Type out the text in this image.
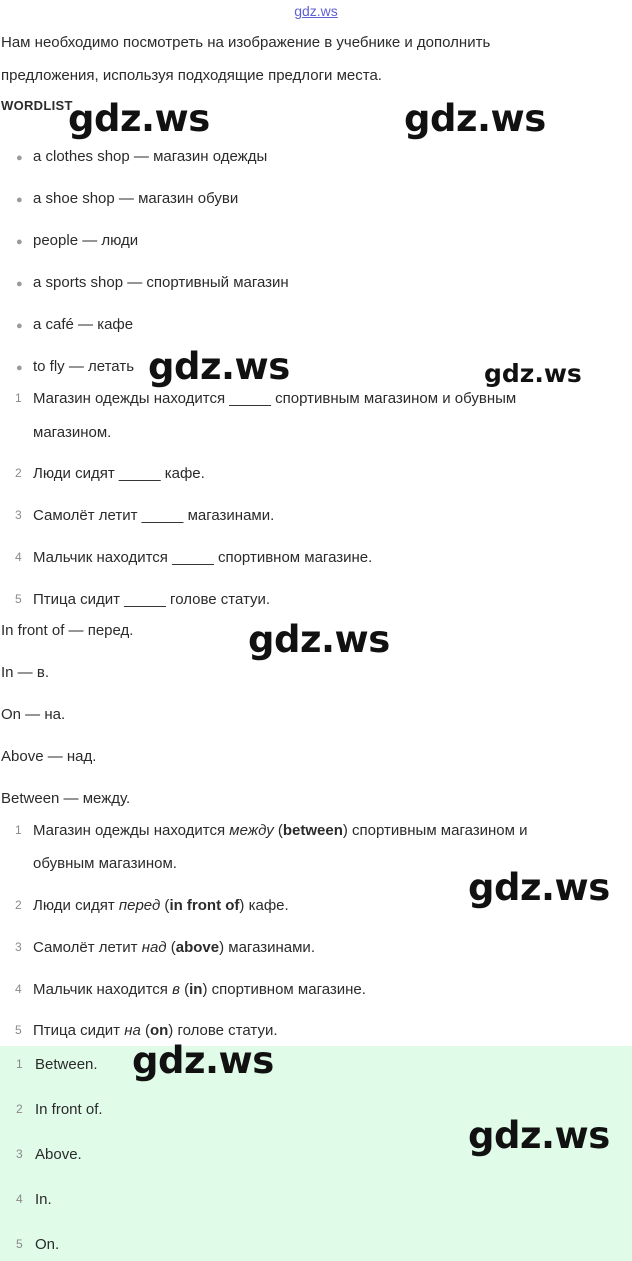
gdz.ws
Нам необходимо посмотреть на изображение в учебнике и дополнить
предложения, используя подходящие предлоги места.
WORDLIST
● a clothes shop — магазин одежды
● a shoe shop — магазин обуви
● people — люди
● a sports shop — спортивный магазин
● a café — кафе
● to fly — летать
1 Магазин одежды находится _____ спортивным магазином и обувным
магазином.
2 Люди сидят _____ кафе.
3 Самолёт летит _____ магазинами.
4 Мальчик находится _____ спортивном магазине.
5 Птица сидит _____ голове статуи.
In front of — перед.
In — в.
On — на.
Above — над.
Between — между.
1 Магазин одежды находится между (between) спортивным магазином и
обувным магазином.
2 Люди сидят перед (in front of) кафе.
3 Самолёт летит над (above) магазинами.
4 Мальчик находится в (in) спортивном магазине.
5 Птица сидит на (on) голове статуи.
1 Between.
2 In front of.
3 Above.
4 In.
5 On.
gdz.ws	gdz.ws
gdz.ws	gdz.ws
gdz.ws
gdz.ws
gdz.ws
gdz.ws
